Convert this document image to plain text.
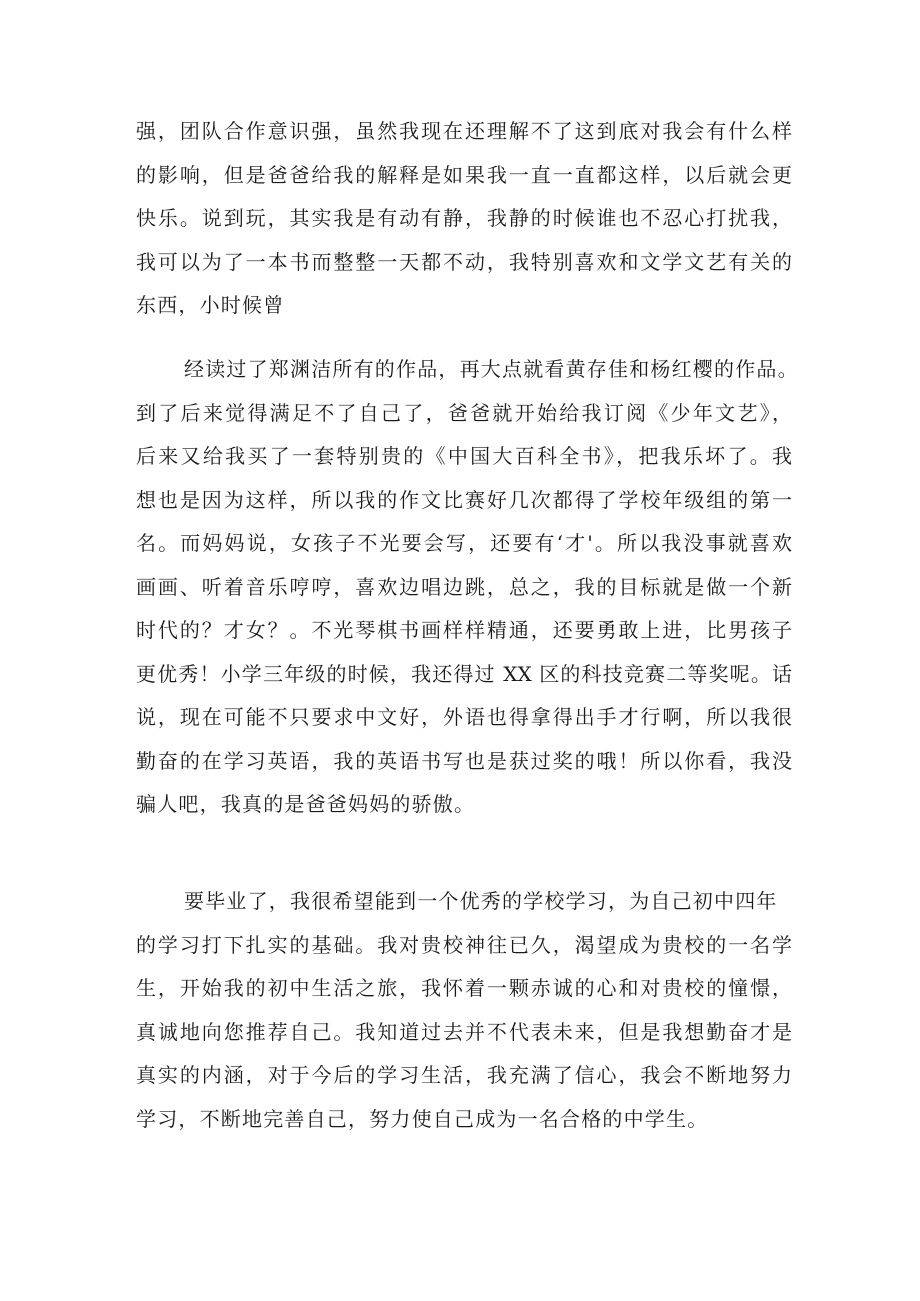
强，团队合作意识强，虽然我现在还理解不了这到底对我会有什么样
的影响，但是爸爸给我的解释是如果我一直一直都这样，以后就会更
快乐。说到玩，其实我是有动有静，我静的时候谁也不忍心打扰我，
我可以为了一本书而整整一天都不动，我特别喜欢和文学文艺有关的
东西，小时候曾
经读过了郑渊洁所有的作品，再大点就看黄存佳和杨红樱的作品。
到了后来觉得满足不了自己了，爸爸就开始给我订阅《少年文艺》，
后来又给我买了一套特别贵的《中国大百科全书》，把我乐坏了。我
想也是因为这样，所以我的作文比赛好几次都得了学校年级组的第一
名。而妈妈说，女孩子不光要会写，还要有‘才'。所以我没事就喜欢
画画、听着音乐哼哼，喜欢边唱边跳，总之，我的目标就是做一个新
时代的？才女？。不光琴棋书画样样精通，还要勇敢上进，比男孩子
更优秀！小学三年级的时候，我还得过 XX 区的科技竞赛二等奖呢。话
说，现在可能不只要求中文好，外语也得拿得出手才行啊，所以我很
勤奋的在学习英语，我的英语书写也是获过奖的哦！所以你看，我没
骗人吧，我真的是爸爸妈妈的骄傲。
要毕业了，我很希望能到一个优秀的学校学习，为自己初中四年
的学习打下扎实的基础。我对贵校神往已久，渴望成为贵校的一名学
生，开始我的初中生活之旅，我怀着一颗赤诚的心和对贵校的憧憬，
真诚地向您推荐自己。我知道过去并不代表未来，但是我想勤奋才是
真实的内涵，对于今后的学习生活，我充满了信心，我会不断地努力
学习，不断地完善自己，努力使自己成为一名合格的中学生。
